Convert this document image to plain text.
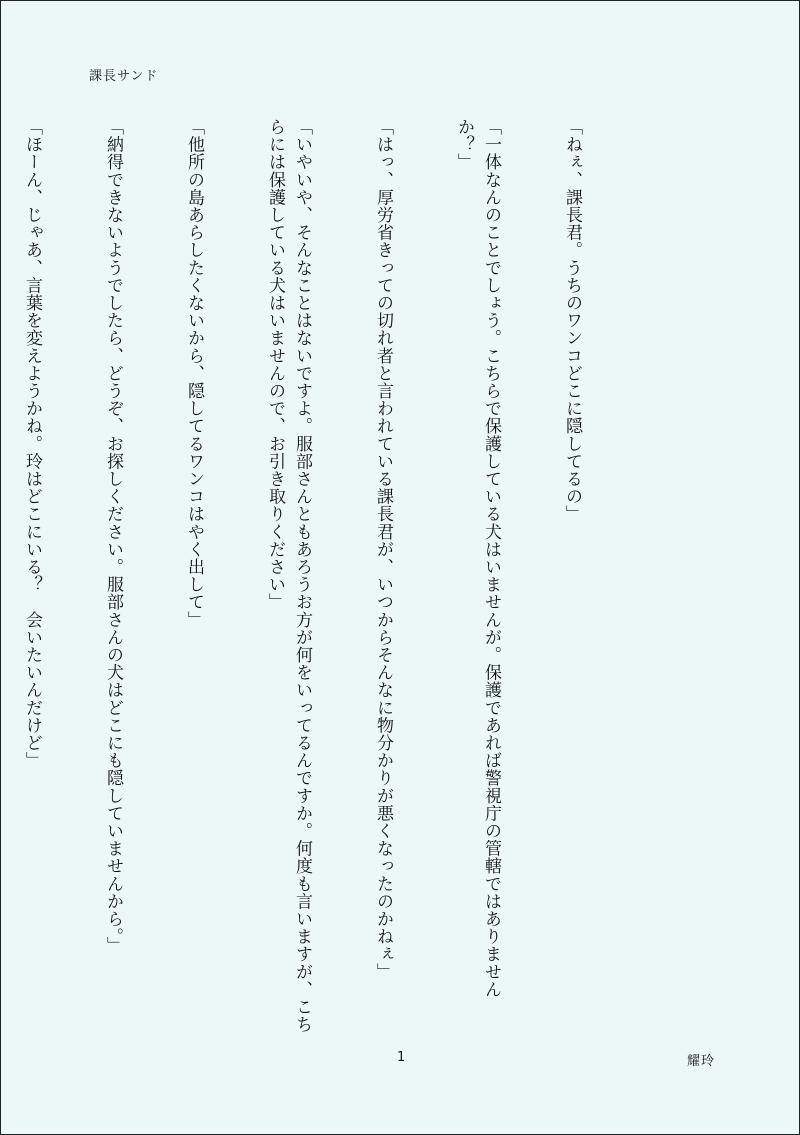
課長サンド

「ねぇ、課長君。うちのワンコどこに隠してるの」

「一体なんのことでしょう。こちらで保護している犬はいませんが。保護であれば警視庁の管轄ではありませんか？」

「はっ、厚労省きっての切れ者と言われている課長君が、いつからそんなに物分かりが悪くなったのかねぇ」

「いやいや、そんなことはないですよ。服部さんともあろうお方が何をいってるんですか。何度も言いますが、こちらには保護している犬はいませんので、お引き取りください」

「他所の島あらしたくないから、隠してるワンコはやく出して」

「納得できないようでしたら、どうぞ、お探しください。服部さんの犬はどこにも隠していませんから。」

「ほーん、じゃあ、言葉を変えようかね。玲はどこにいる？　会いたいんだけど」

1	耀玲
